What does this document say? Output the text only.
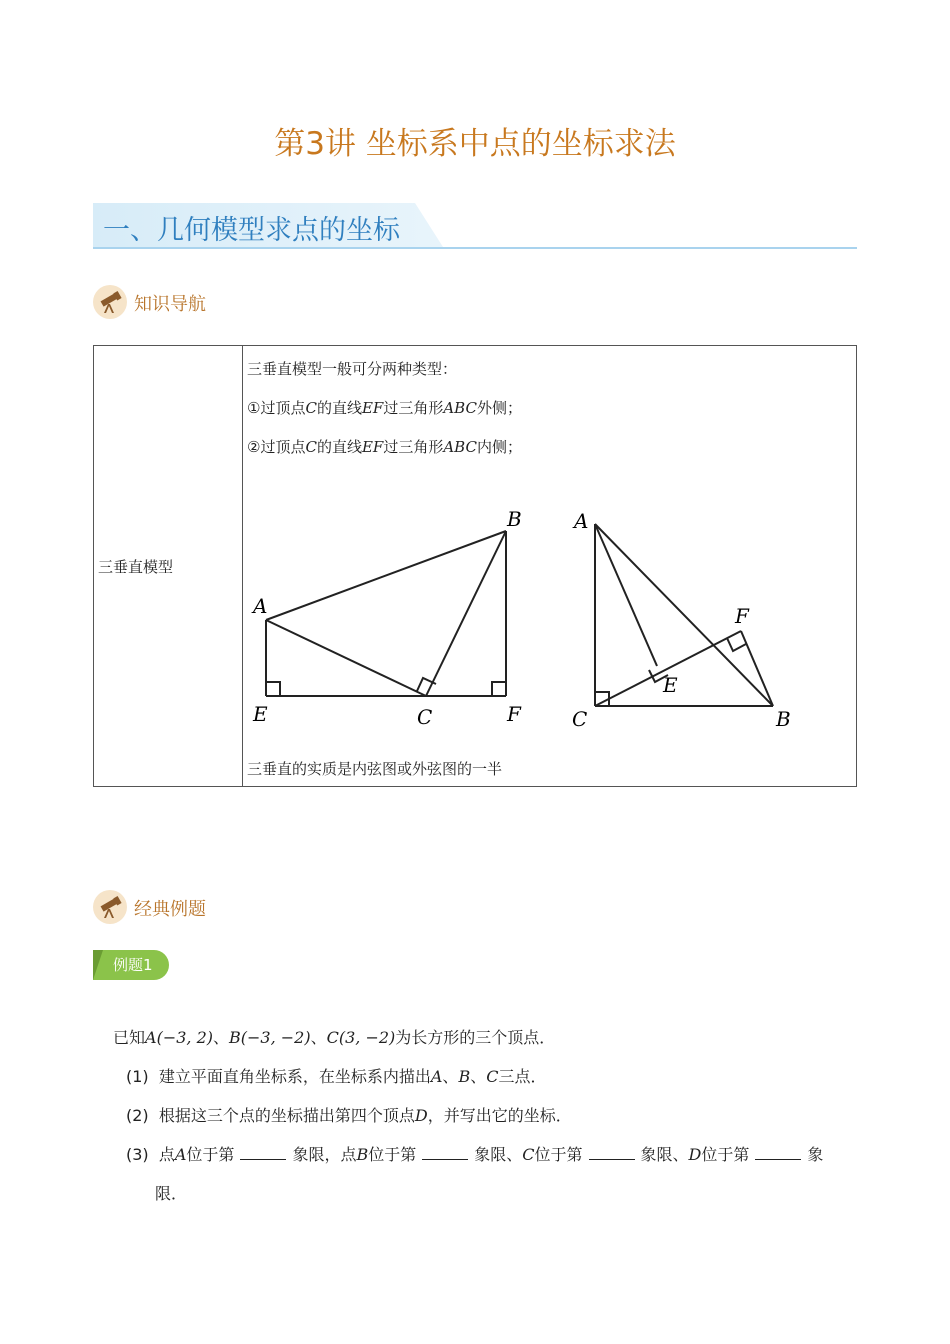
第3讲 坐标系中点的坐标求法
一、几何模型求点的坐标
知识导航
三垂直模型

三垂直模型一般可分两种类型：
①过顶点C的直线EF过三角形ABC外侧；
②过顶点C的直线EF过三角形ABC内侧；
A
B
C
E	F
A
B
C
E
F
三垂直的实质是内弦图或外弦图的一半
经典例题
例题1
已知A(−3, 2)、B(−3, −2)、C(3, −2)为长方形的三个顶点．
(1) 建立平面直角坐标系，在坐标系内描出A、B、C三点．
(2) 根据这三个点的坐标描出第四个顶点D，并写出它的坐标．
(3) 点A位于第	象限，点B位于第	象限、C位于第	象限、D位于第	象
限．
